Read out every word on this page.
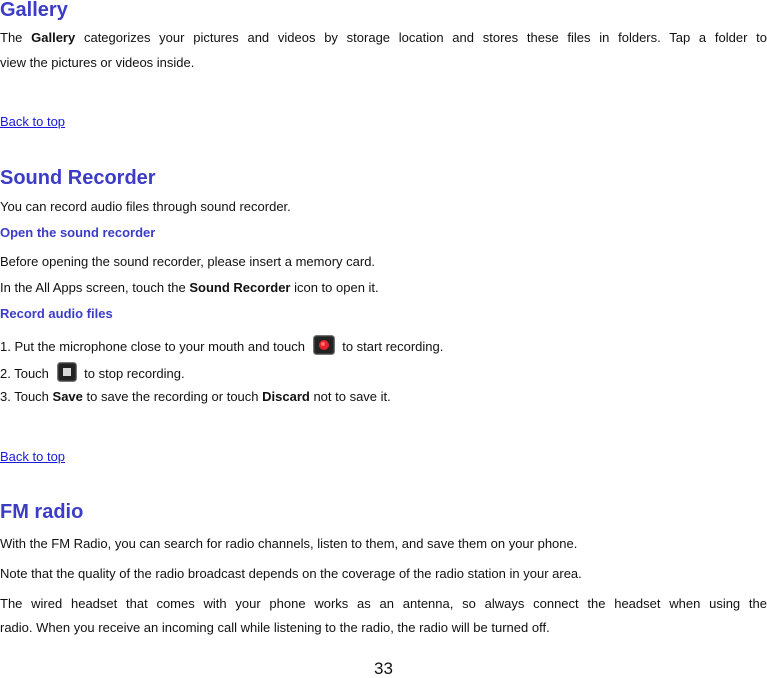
Gallery
The Gallery categorizes your pictures and videos by storage location and stores these files in folders. Tap a folder to
view the pictures or videos inside.
Back to top
Sound Recorder
You can record audio files through sound recorder.
Open the sound recorder
Before opening the sound recorder, please insert a memory card.
In the All Apps screen, touch the Sound Recorder icon to open it.
Record audio files
1. Put the microphone close to your mouth and touch	to start recording.
2. Touch	to stop recording.
3. Touch Save to save the recording or touch Discard not to save it.
Back to top
FM radio
With the FM Radio, you can search for radio channels, listen to them, and save them on your phone.
Note that the quality of the radio broadcast depends on the coverage of the radio station in your area.
The wired headset that comes with your phone works as an antenna, so always connect the headset when using the
radio. When you receive an incoming call while listening to the radio, the radio will be turned off.
33
